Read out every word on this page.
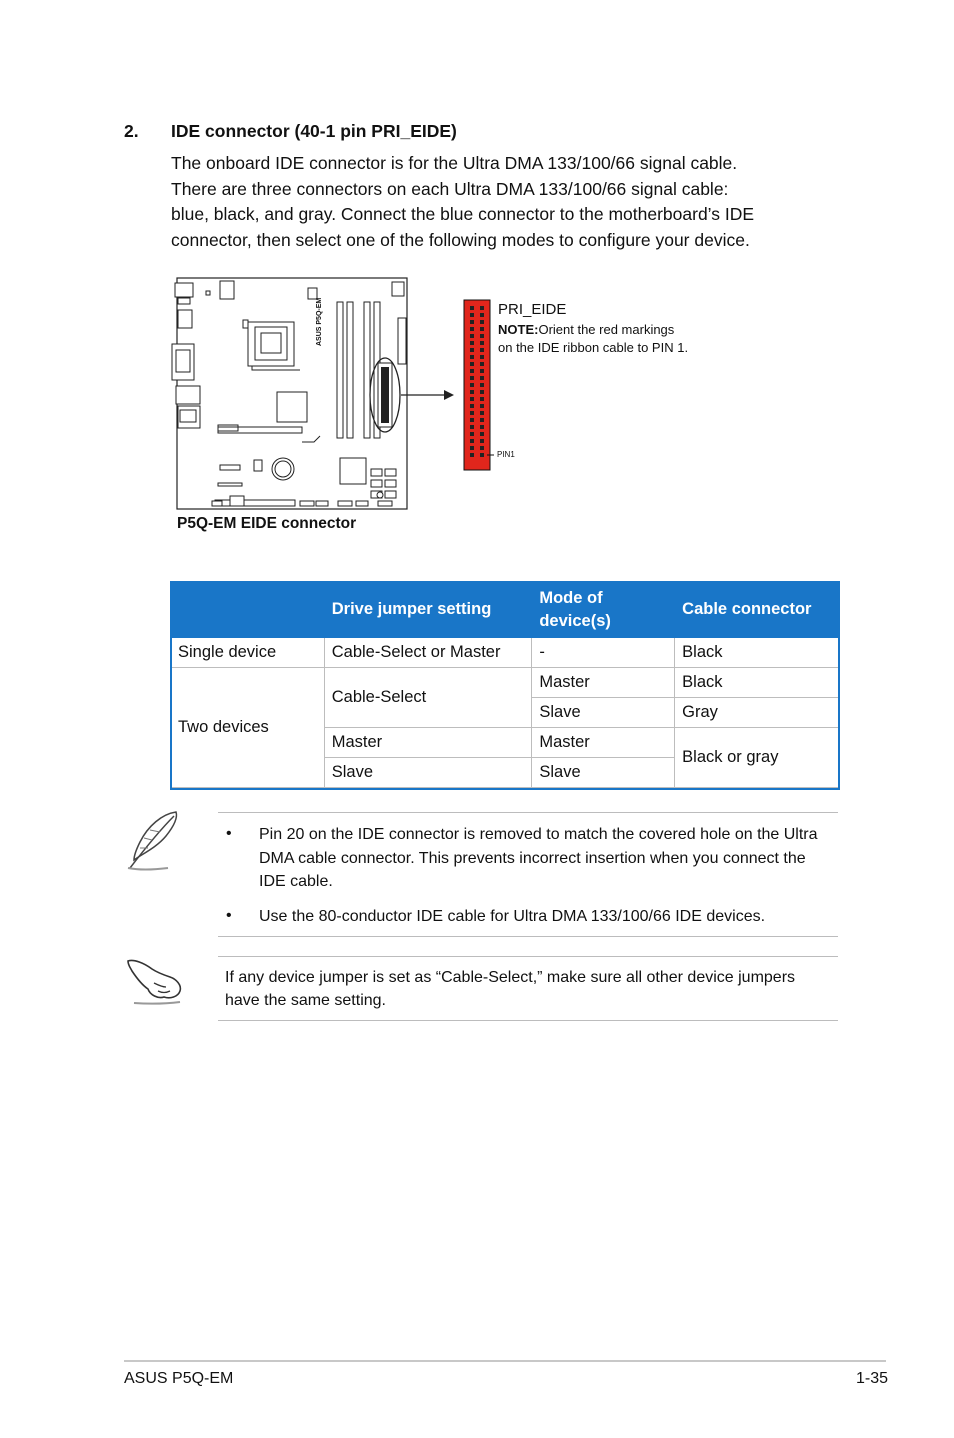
2. IDE connector (40-1 pin PRI_EIDE)

The onboard IDE connector is for the Ultra DMA 133/100/66 signal cable.

There are three connectors on each Ultra DMA 133/100/66 signal cable:

blue, black, and gray. Connect the blue connector to the motherboard’s IDE

connector, then select one of the following modes to configure your device.

ASUS P5Q-EM	PRI_EIDE
NOTE:Orient the red markings
on the IDE ribbon cable to PIN 1.
PIN1
P5Q-EM EIDE connector
	Drive jumper setting	Mode of device(s)	Cable connector
Single device	Cable-Select or Master	-	Black
Two devices	Cable-Select	Master	Black
		Slave	Gray
	Master	Master	Black or gray
	Slave	Slave	
• Pin 20 on the IDE connector is removed to match the covered hole on the Ultra DMA cable connector. This prevents incorrect insertion when you connect the IDE cable.
• Use the 80-conductor IDE cable for Ultra DMA 133/100/66 IDE devices.
If any device jumper is set as “Cable-Select,” make sure all other device jumpers have the same setting.
ASUS P5Q-EM	1-35
